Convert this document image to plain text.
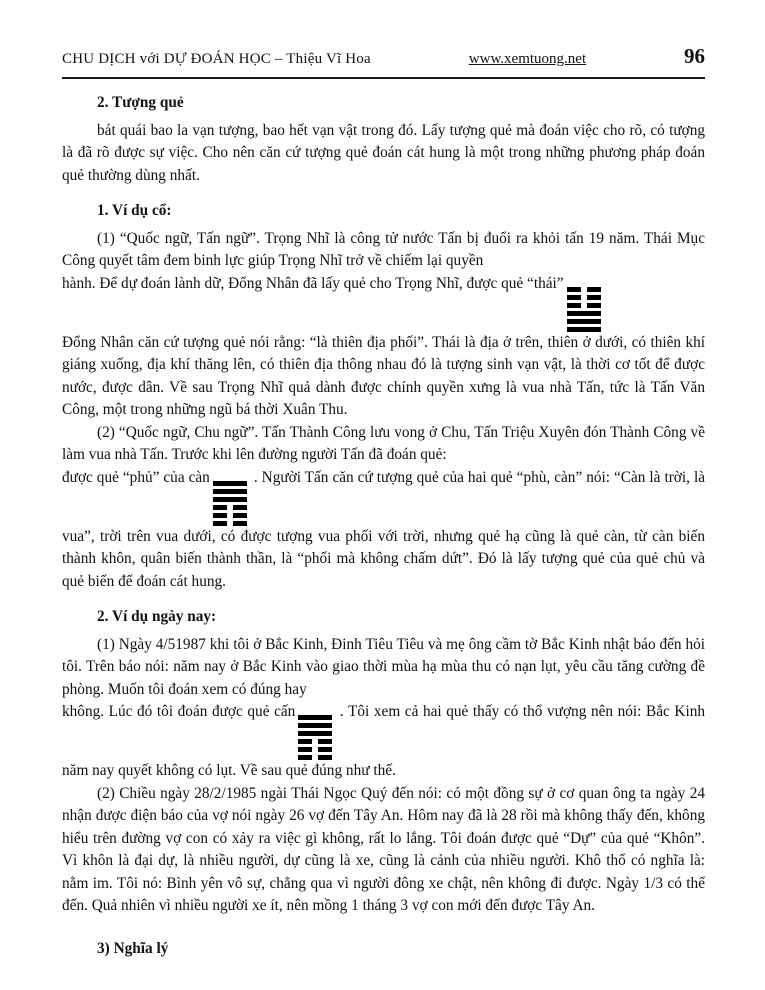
CHU DỊCH với DỰ ĐOÁN HỌC – Thiệu Vĩ Hoa	www.xemtuong.net	96
2. Tượng quẻ

bát quái bao la vạn tượng, bao hết vạn vật trong đó. Lấy tượng quẻ mà đoán việc cho rõ, có tượng là đã rõ được sự việc. Cho nên căn cứ tượng quẻ đoán cát hung là một trong những phương pháp đoán quẻ thường dùng nhất.

1. Ví dụ cổ:

(1) “Quốc ngữ, Tấn ngữ”. Trọng Nhĩ là công tử nước Tấn bị đuổi ra khỏi tấn 19 năm. Thái Mục Công quyết tâm đem binh lực giúp Trọng Nhĩ trở về chiếm lại quyền

hành. Để dự đoán lành dữ, Đổng Nhân đã lấy quẻ cho Trọng Nhĩ, được quẻ “thái”

Đổng Nhân căn cứ tượng quẻ nói rằng: “là thiên địa phối”. Thái là địa ở trên, thiên ở dưới, có thiên khí giáng xuống, địa khí thăng lên, có thiên địa thông nhau đó là tượng sinh vạn vật, là thời cơ tốt để được nước, được dân. Về sau Trọng Nhĩ quả dành được chính quyền xưng là vua nhà Tấn, tức là Tấn Văn Công, một trong những ngũ bá thời Xuân Thu.

(2) “Quốc ngữ, Chu ngữ”. Tấn Thành Công lưu vong ở Chu, Tấn Triệu Xuyên đón Thành Công về làm vua nhà Tấn. Trước khi lên đường người Tấn đã đoán quẻ:

được quẻ “phủ” của càn	. Người Tấn căn cứ tượng quẻ của hai quẻ “phù, càn” nói: “Càn là trời, là vua”, trời trên vua dưới, có được tượng vua phối với trời, nhưng quẻ hạ cũng là quẻ càn, từ càn biến thành khôn, quân biến thành thần, là “phối mà không chấm dứt”. Đó là lấy tượng quẻ của quẻ chủ và quẻ biến để đoán cát hung.

2. Ví dụ ngày nay:

(1) Ngày 4/51987 khi tôi ở Bắc Kinh, Đinh Tiêu Tiêu và mẹ ông cầm tờ Bắc Kinh nhật báo đến hỏi tôi. Trên báo nói: năm nay ở Bắc Kinh vào giao thời mùa hạ mùa thu có nạn lụt, yêu cầu tăng cường đề phòng. Muốn tôi đoán xem có đúng hay

không. Lúc đó tôi đoán được quẻ cấn	. Tôi xem cả hai quẻ thấy có thổ vượng nên nói: Bắc Kinh năm nay quyết không có lụt. Về sau quẻ đúng như thế.

(2) Chiều ngày 28/2/1985 ngài Thái Ngọc Quý đến nói: có một đồng sự ở cơ quan ông ta ngày 24 nhận được điện báo của vợ nói ngày 26 vợ đến Tây An. Hôm nay đã là 28 rồi mà không thấy đến, không hiểu trên đường vợ con có xảy ra việc gì không, rất lo lắng. Tôi đoán được quẻ “Dự” của quẻ “Khôn”. Vì khôn là đại dự, là nhiều người, dự cũng là xe, cũng là cảnh của nhiều người. Khô thổ có nghĩa là: nằm im. Tôi nó: Bình yên vô sự, chẳng qua vì người đông xe chật, nên không đi được. Ngày 1/3 có thể đến. Quả nhiên vì nhiều người xe ít, nên mồng 1 tháng 3 vợ con mới đến được Tây An.

3) Nghĩa lý
